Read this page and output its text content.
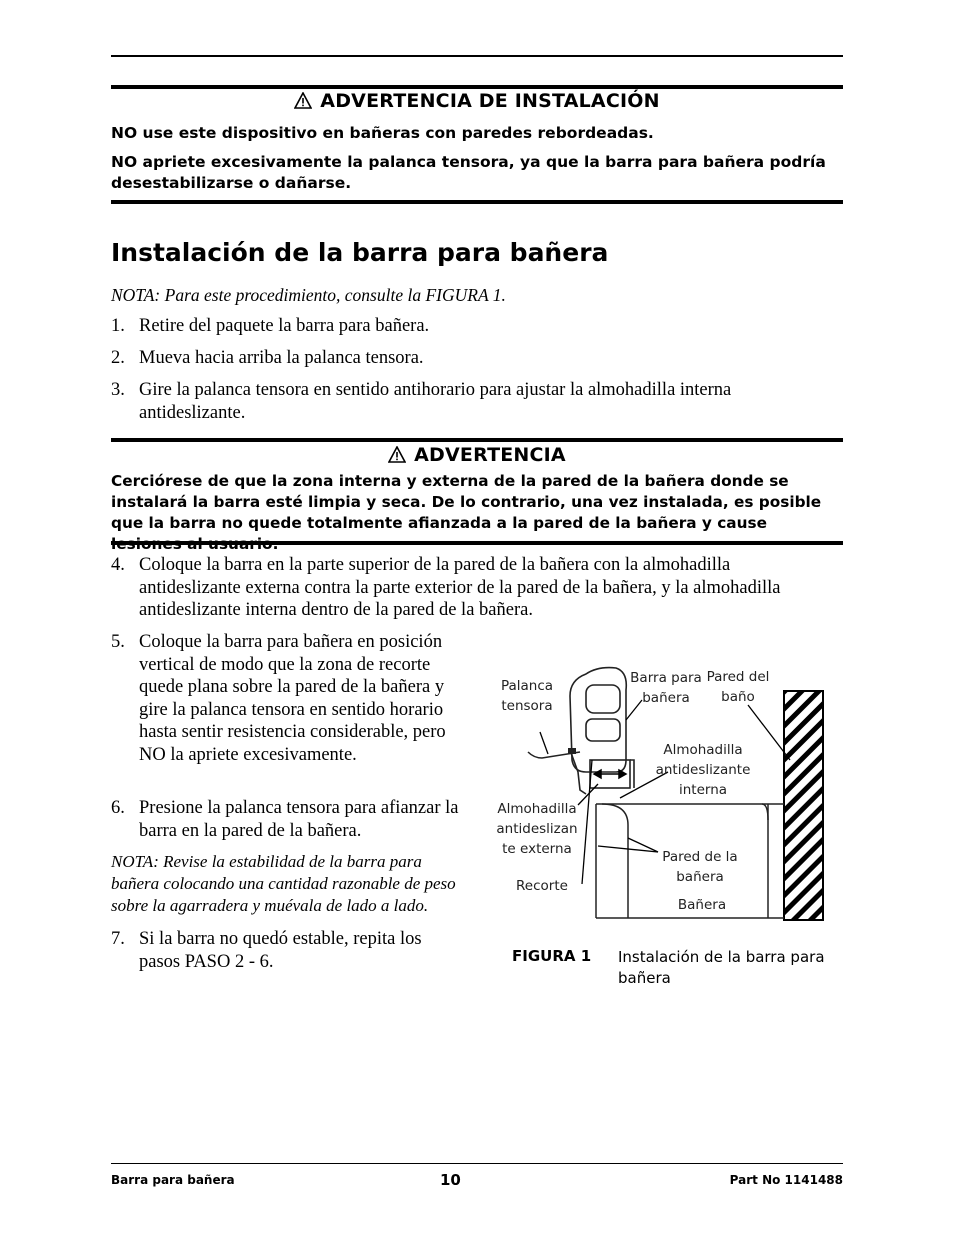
ADVERTENCIA DE INSTALACIÓN
NO use este dispositivo en bañeras con paredes rebordeadas.
NO apriete excesivamente la palanca tensora, ya que la barra para bañera podría desestabilizarse o dañarse.
Instalación de la barra para bañera
NOTA: Para este procedimiento, consulte la FIGURA 1.
1. Retire del paquete la barra para bañera.
2. Mueva hacia arriba la palanca tensora.
3. Gire la palanca tensora en sentido antihorario para ajustar la almohadilla interna antideslizante.
ADVERTENCIA
Cerciórese de que la zona interna y externa de la pared de la bañera donde se instalará la barra esté limpia y seca. De lo contrario, una vez instalada, es posible que la barra no quede totalmente afianzada a la pared de la bañera y cause
4. Coloque la barra en la parte superior de la pared de la bañera con la almohadilla antideslizante externa contra la parte exterior de la pared de la bañera, y la almohadilla antideslizante interna dentro de la pared de la bañera.
5. Coloque la barra para bañera en posición vertical de modo que la zona de recorte quede plana sobre la pared de la bañera y gire la palanca tensora en sentido horario hasta sentir resistencia considerable, pero NO la apriete excesivamente.
6. Presione la palanca tensora para afianzar la barra en la pared de la bañera.
NOTA: Revise la estabilidad de la barra para bañera colocando una cantidad razonable de peso sobre la agarradera y muévala de lado a lado.
7. Si la barra no quedó estable, repita los pasos PASO 2 - 6.
Palanca tensora
Barra para bañera
Pared del baño
Almohadilla antideslizante interna
Almohadilla antideslizan te externa	Pared de la bañera
Recorte
Bañera
FIGURA 1 Instalación de la barra para bañera
Barra para bañera	10	Part No 1141488
